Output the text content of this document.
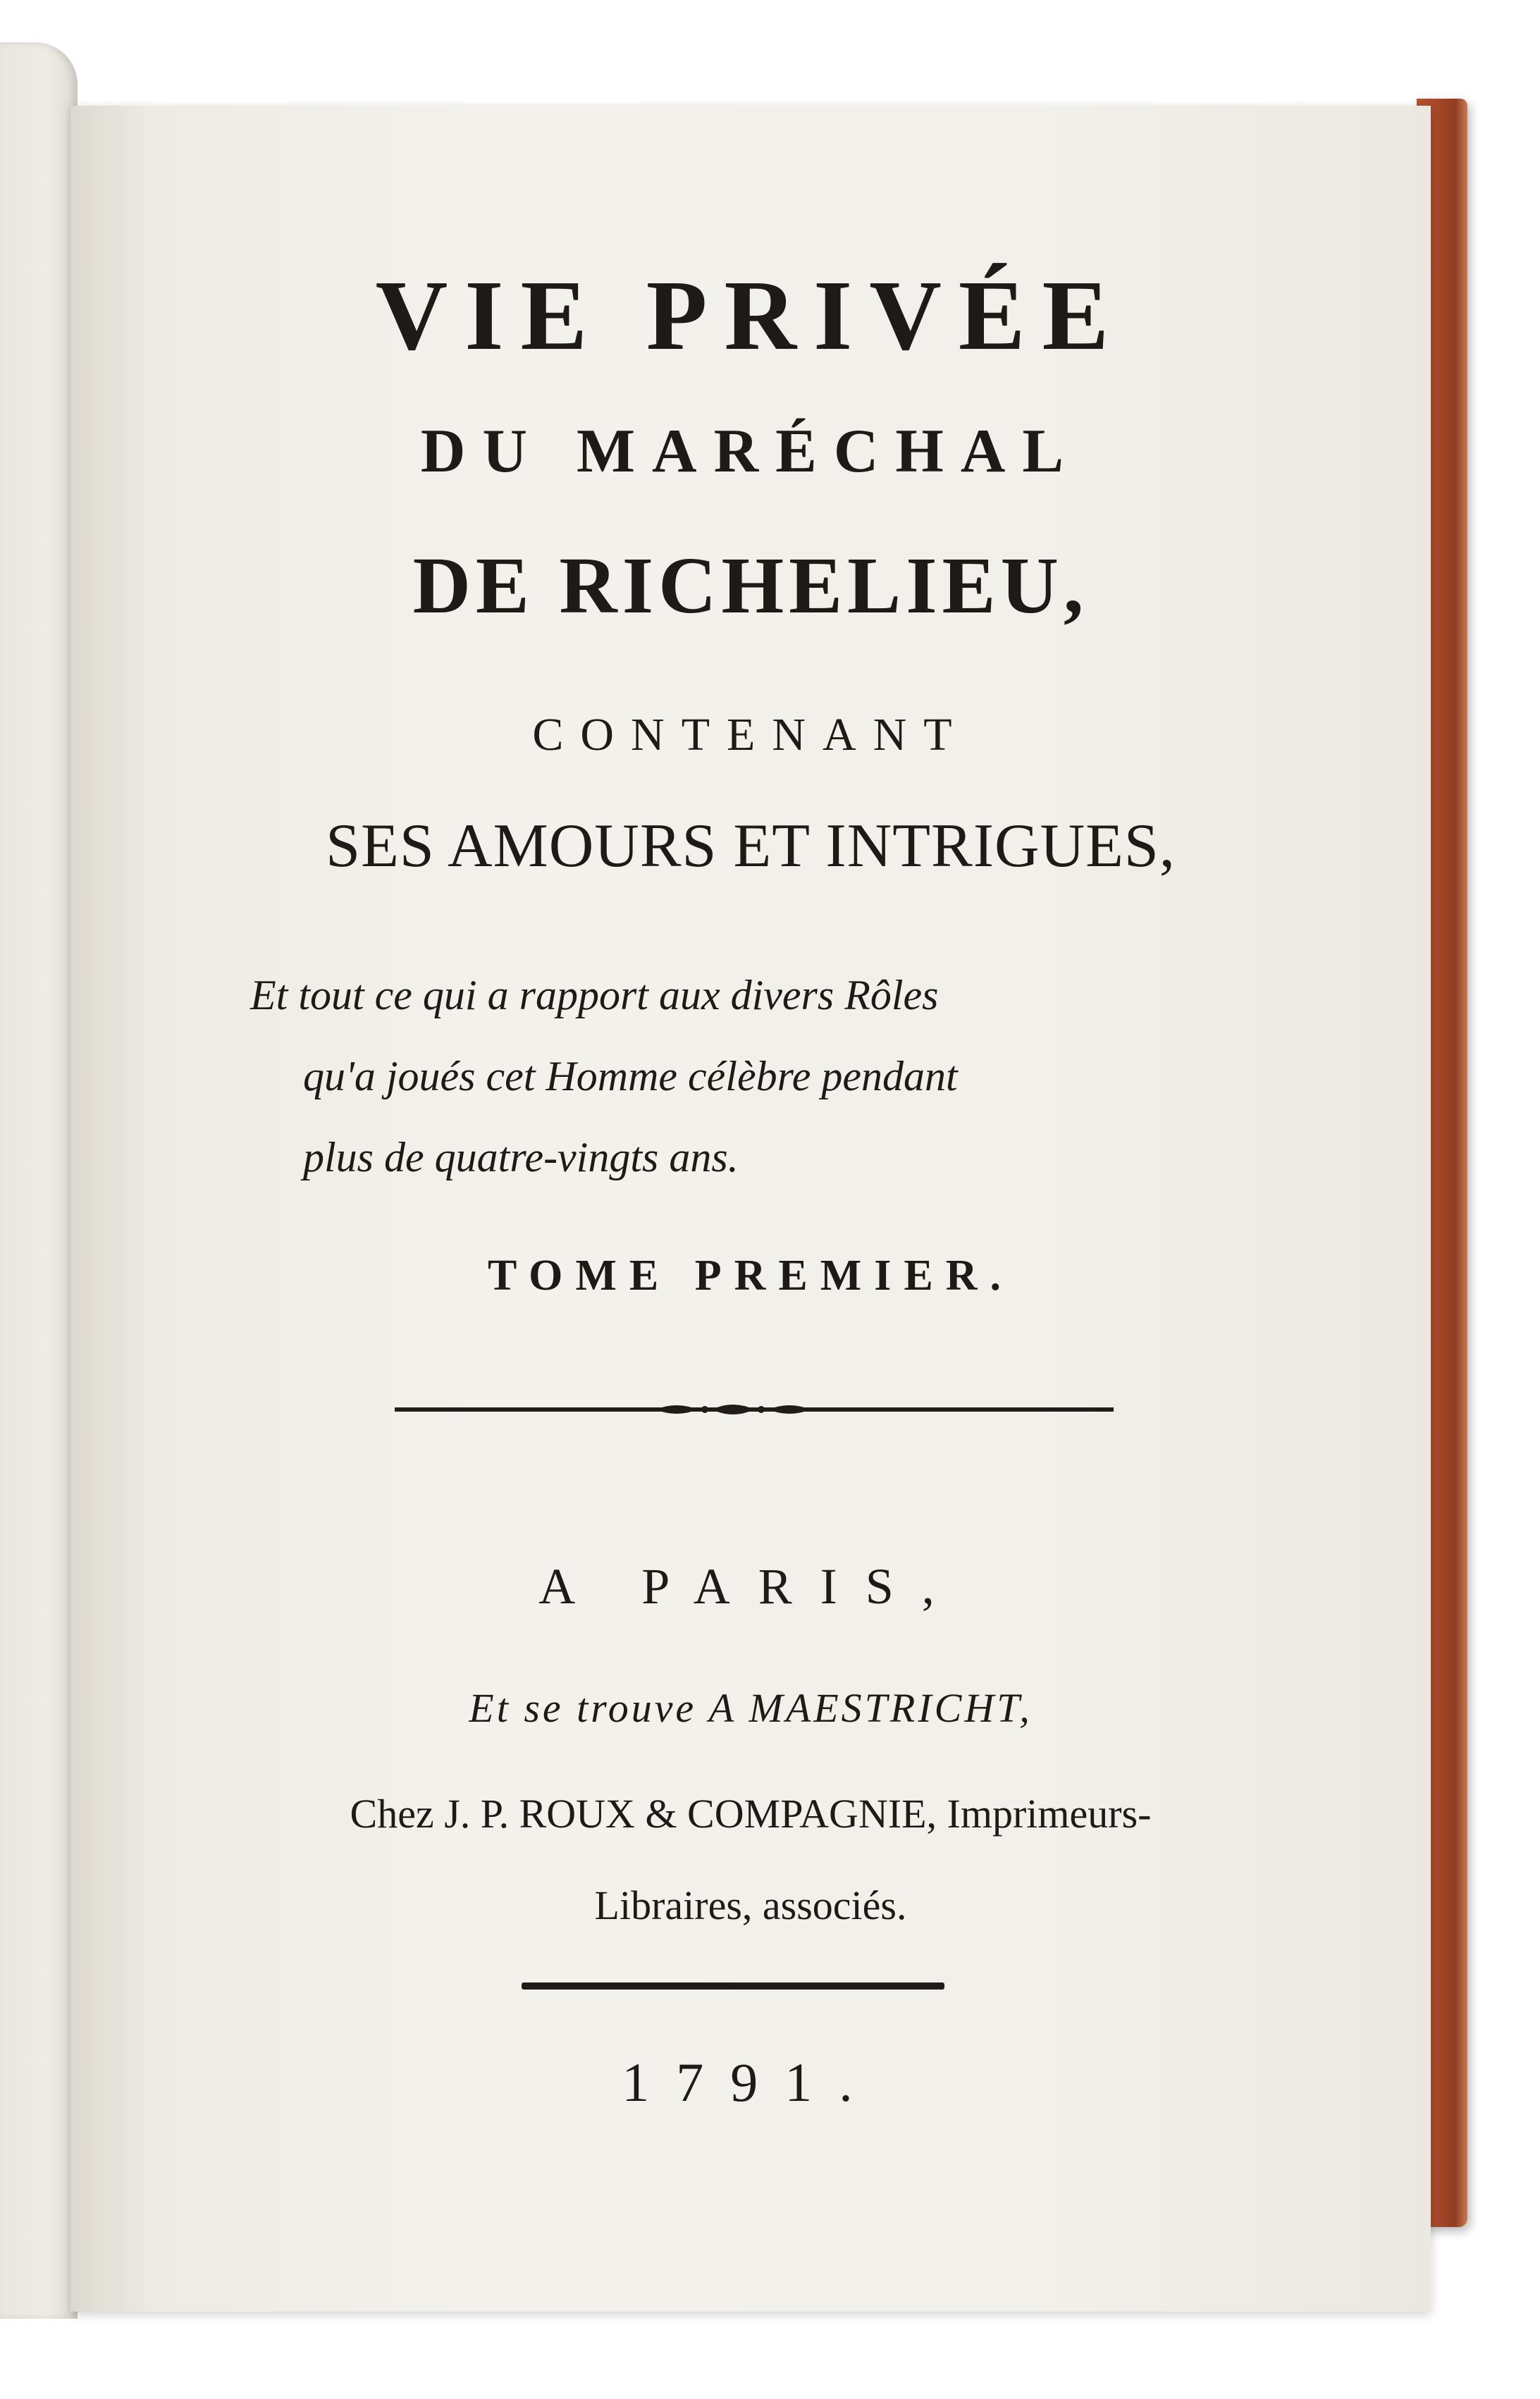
VIE PRIVÉE
DU MARÉCHAL
DE RICHELIEU,
CONTENANT
SES AMOURS ET INTRIGUES,
Et tout ce qui a rapport aux divers Rôles
qu'a joués cet Homme célèbre pendant
plus de quatre-vingts ans.
TOME PREMIER.
A PARIS,
Et se trouve A MAESTRICHT,
Chez J. P. ROUX & COMPAGNIE, Imprimeurs-
Libraires, associés.
1791.
